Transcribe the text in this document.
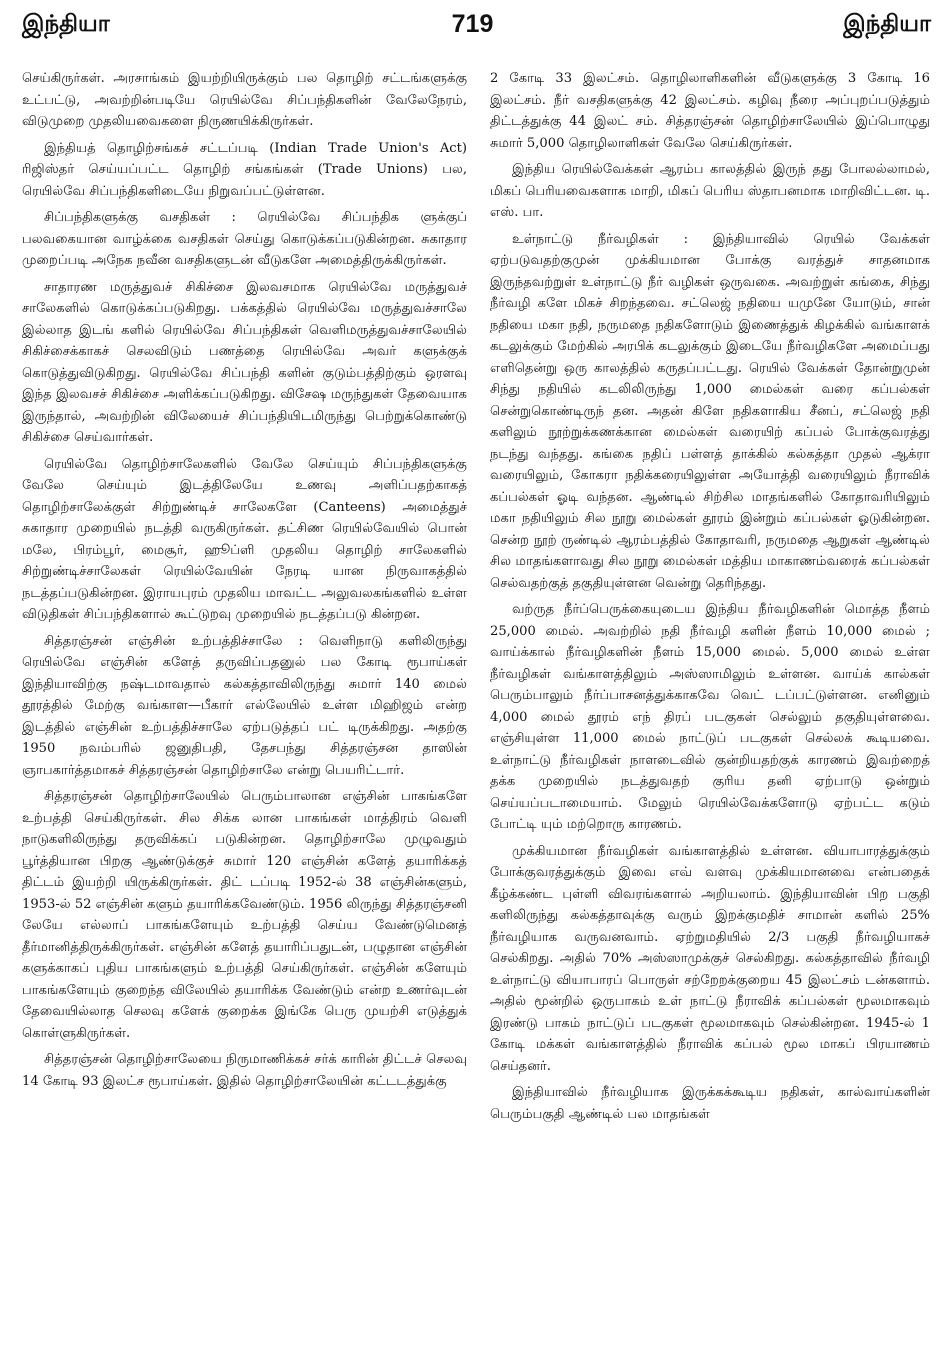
இந்தியா	719	இந்தியா

செய்கிருர்கள். அரசாங்கம் இயற்றியிருக்கும் பல தொழிற் சட்டங்களுக்கு உட்பட்டு, அவற்றின்படியே ரெயில்வே சிப்பந்திகளின் வேலேநேரம், விடுமுறை முதலியவைகளை நிருணயிக்கிருர்கள்.

இந்தியத் தொழிற்சங்கச் சட்டப்படி (Indian Trade Union's Act) ரிஜிஸ்தர் செய்யப்பட்ட தொழிற் சங்கங்கள் (Trade Unions) பல, ரெயில்வே சிப்பந்திகளிடையே நிறுவப்பட்டுள்ளன.

சிப்பந்திகளுக்கு வசதிகள் : ரெயில்வே சிப்பந்திக ளுக்குப் பலவகையான வாழ்க்கை வசதிகள் செய்து கொடுக்கப்படுகின்றன. சுகாதார முறைப்படி அநேக நவீன வசதிகளுடன் வீடுகளே அமைத்திருக்கிருர்கள்.

சாதாரண மருத்துவச் சிகிச்சை இலவசமாக ரெயில்வே மருத்துவச் சாலேகளில் கொடுக்கப்படுகிறது. பக்கத்தில் ரெயில்வே மருத்துவச்சாலே இல்லாத இடங் களில் ரெயில்வே சிப்பந்திகள் வெளிமருத்துவச்சாலேயில் சிகிச்சைக்காகச் செலவிடும் பணத்தை ரெயில்வே அவர் களுக்குக் கொடுத்துவிடுகிறது. ரெயில்வே சிப்பந்தி களின் குடும்பத்திற்கும் ஒரளவு இந்த இலவசச் சிகிச்சை அளிக்கப்படுகிறது. விசேஷ மருந்துகள் தேவையாக இருந்தால், அவற்றின் விலேயைச் சிப்பந்தியிடமிருந்து பெற்றுக்கொண்டு சிகிச்சை செய்வார்கள்.

ரெயில்வே தொழிற்சாலேகளில் வேலே செய்யும் சிப்பந்திகளுக்கு வேலே செய்யும் இடத்திலேயே உணவு அளிப்பதற்காகத் தொழிற்சாலேக்குள் சிற்றுண்டிச் சாலேகளே (Canteens) அமைத்துச் சுகாதார முறையில் நடத்தி வருகிருர்கள். தட்சிண ரெயில்வேயில் பொன் மலே, பிரம்பூர், மைசூர், ஹூப்ளி முதலிய தொழிற் சாலேகளில் சிற்றுண்டிச்சாலேகள் ரெயில்வேயின் நேரடி யான நிருவாகத்தில் நடத்தப்படுகின்றன. இராயபுரம் முதலிய மாவட்ட அலுவலகங்களில் உள்ள விடுதிகள் சிப்பந்திகளால் கூட்டுறவு முறையில் நடத்தப்படு கின்றன.

சித்தரஞ்சன் எஞ்சின் உற்பத்திச்சாலே : வெளிநாடு களிலிருந்து ரெயில்வே எஞ்சின் களேத் தருவிப்பதனுல் பல கோடி ரூபாய்கள் இந்தியாவிற்கு நஷ்டமாவதால் கல்கத்தாவிலிருந்து சுமார் 140 மைல் தூரத்தில் மேற்கு வங்காள—பீகார் எல்லேயில் உள்ள மிஹிஜம் என்ற இடத்தில் எஞ்சின் உற்பத்திச்சாலே ஏற்படுத்தப் பட் டிருக்கிறது. அதற்கு 1950 நவம்பரில் ஜனுதிபதி, தேசபந்து சித்தரஞ்சன தாஸின் ஞாபகார்த்தமாகச் சித்தரஞ்சன் தொழிற்சாலே என்று பெயரிட்டார்.

சித்தரஞ்சன் தொழிற்சாலேயில் பெரும்பாலான எஞ்சின் பாகங்களே உற்பத்தி செய்கிருர்கள். சில சிக்க லான பாகங்கள் மாத்திரம் வெளி நாடுகளிலிருந்து தருவிக்கப் படுகின்றன. தொழிற்சாலே முழுவதும் பூர்த்தியான பிறகு ஆண்டுக்குச் சுமார் 120 எஞ்சின் களேத் தயாரிக்கத் திட்டம் இயற்றி யிருக்கிருர்கள். திட் டப்படி 1952-ல் 38 எஞ்சின்களும், 1953-ல் 52 எஞ்சின் களும் தயாரிக்கவேண்டும். 1956 லிருந்து சித்தரஞ்சனி லேயே எல்லாப் பாகங்களேயும் உற்பத்தி செய்ய வேண்டுமெனத் தீர்மானித்திருக்கிருர்கள். எஞ்சின் களேத் தயாரிப்பதுடன், பழுதான எஞ்சின் களுக்காகப் புதிய பாகங்களும் உற்பத்தி செய்கிருர்கள். எஞ்சின் களேயும் பாகங்களேயும் குறைந்த விலேயில் தயாரிக்க வேண்டும் என்ற உணர்வுடன் தேவையில்லாத செலவு களேக் குறைக்க இங்கே பெரு முயற்சி எடுத்துக் கொள்ளுகிருர்கள்.

சித்தரஞ்சன் தொழிற்சாலேயை நிருமாணிக்கச் சர்க் காரின் திட்டச் செலவு 14 கோடி 93 இலட்ச ரூபாய்கள். இதில் தொழிற்சாலேயின் கட்டடத்துக்கு

2 கோடி 33 இலட்சம். தொழிலாளிகளின் வீடுகளுக்கு 3 கோடி 16 இலட்சம். நீர் வசதிகளுக்கு 42 இலட்சம். கழிவு நீரை அப்புறப்படுத்தும் திட்டத்துக்கு 44 இலட் சம். சித்தரஞ்சன் தொழிற்சாலேயில் இப்பொழுது சுமார் 5,000 தொழிலாளிகள் வேலே செய்கிருர்கள்.

இந்திய ரெயில்வேக்கள் ஆரம்ப காலத்தில் இருந் தது போலல்லாமல், மிகப் பெரியவைகளாக மாறி, மிகப் பெரிய ஸ்தாபனமாக மாறிவிட்டன. டி. எஸ். பா.

உள்நாட்டு நீர்வழிகள் : இந்தியாவில் ரெயில் வேக்கள் ஏற்படுவதற்குமுன் முக்கியமான போக்கு வரத்துச் சாதனமாக இருந்தவற்றுள் உள்நாட்டு நீர் வழிகள் ஒருவகை. அவற்றுள் கங்கை, சிந்து நீர்வழி களே மிகச் சிறந்தவை. சட்லெஜ் நதியை யமுனே யோடும், சான் நதியை மகா நதி, நருமதை நதிகளோடும் இணைத்துக் கிழக்கில் வங்காளக் கடலுக்கும் மேற்கில் அரபிக் கடலுக்கும் இடையே நீர்வழிகளே அமைப்பது எளிதென்று ஒரு காலத்தில் கருதப்பட்டது. ரெயில் வேக்கள் தோன்றுமுன் சிந்து நதியில் கடலிலிருந்து 1,000 மைல்கள் வரை கப்பல்கள் சென்றுகொண்டிருந் தன. அதன் கிளே நதிகளாகிய சீனப், சட்லெஜ் நதி களிலும் நூற்றுக்கணக்கான மைல்கள் வரையிற் கப்பல் போக்குவரத்து நடந்து வந்தது. கங்கை நதிப் பள்ளத் தாக்கில் கல்கத்தா முதல் ஆக்ரா வரையிலும், கோகரா நதிக்கரையிலுள்ள அயோத்தி வரையிலும் நீராவிக் கப்பல்கள் ஓடி வந்தன. ஆண்டில் சிற்சில மாதங்களில் கோதாவரியிலும் மகா நதியிலும் சில நூறு மைல்கள் தூரம் இன்றும் கப்பல்கள் ஓடுகின்றன. சென்ற நூற் ருண்டில் ஆரம்பத்தில் கோதாவரி, நருமதை ஆறுகள் ஆண்டில் சில மாதங்களாவது சில நூறு மைல்கள் மத்திய மாகாணம்வரைக் கப்பல்கள் செல்வதற்குத் தகுதியுள்ளன வென்று தெரிந்தது.

வற்ருத நீர்ப்பெருக்கையுடைய இந்திய நீர்வழிகளின் மொத்த நீளம் 25,000 மைல். அவற்றில் நதி நீர்வழி களின் நீளம் 10,000 மைல் ; வாய்க்கால் நீர்வழிகளின் நீளம் 15,000 மைல். 5,000 மைல் உள்ள நீர்வழிகள் வங்காளத்திலும் அஸ்ஸாமிலும் உள்ளன. வாய்க் கால்கள் பெரும்பாலும் நீர்ப்பாசனத்துக்காகவே வெட் டப்பட்டுள்ளன. எனினும் 4,000 மைல் தூரம் எந் திரப் படகுகள் செல்லும் தகுதியுள்ளவை. எஞ்சியுள்ள 11,000 மைல் நாட்டுப் படகுகள் செல்லக் கூடியவை. உள்நாட்டு நீர்வழிகள் நாளடைவில் குன்றியதற்குக் காரணம் இவற்றைத் தக்க முறையில் நடத்துவதற் குரிய தனி ஏற்பாடு ஒன்றும் செய்யப்படாமையாம். மேலும் ரெயில்வேக்களோடு ஏற்பட்ட கடும் போட்டி யும் மற்றொரு காரணம்.

முக்கியமான நீர்வழிகள் வங்காளத்தில் உள்ளன. வியாபாரத்துக்கும் போக்குவரத்துக்கும் இவை எவ் வளவு முக்கியமானவை என்பதைக் கீழ்க்கண்ட புள்ளி விவரங்களால் அறியலாம். இந்தியாவின் பிற பகுதி களிலிருந்து கல்கத்தாவுக்கு வரும் இறக்குமதிச் சாமான் களில் 25% நீர்வழியாக வருவனவாம். ஏற்றுமதியில் 2/3 பகுதி நீர்வழியாகச் செல்கிறது. அதில் 70% அஸ்ஸாமுக்குச் செல்கிறது. கல்கத்தாவில் நீர்வழி உள்நாட்டு வியாபாரப் பொருள் சற்றேறக்குறைய 45 இலட்சம் டன்களாம். அதில் மூன்றில் ஒருபாகம் உள் நாட்டு நீராவிக் கப்பல்கள் மூலமாகவும் இரண்டு பாகம் நாட்டுப் படகுகள் மூலமாகவும் செல்கின்றன. 1945-ல் 1 கோடி மக்கள் வங்காளத்தில் நீராவிக் கப்பல் மூல மாகப் பிரயாணம் செய்தனர்.

இந்தியாவில் நீர்வழியாக இருக்கக்கூடிய நதிகள், கால்வாய்களின் பெரும்பகுதி ஆண்டில் பல மாதங்கள்
